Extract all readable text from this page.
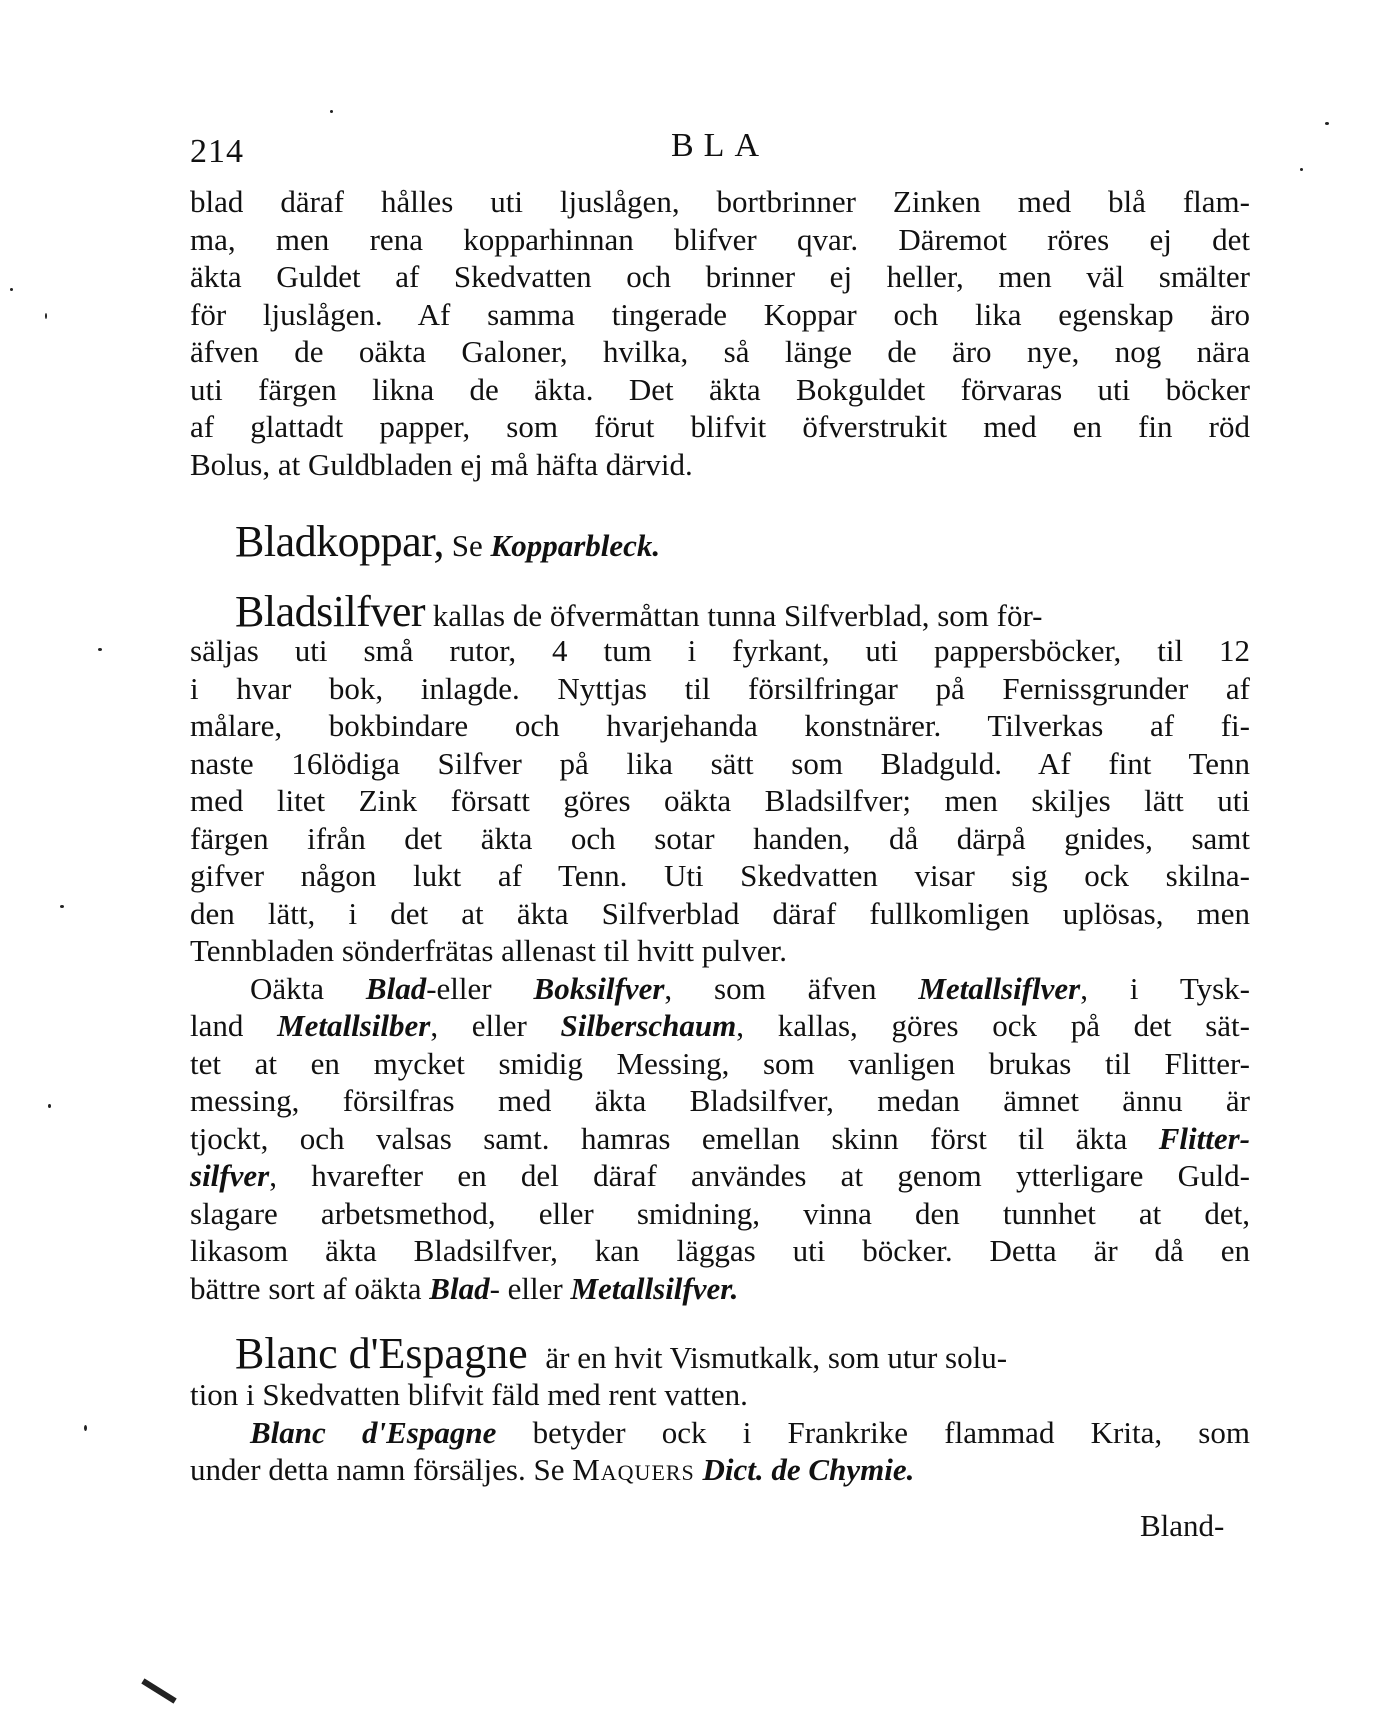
214	BLA
blad däraf hålles uti ljuslågen, bortbrinner Zinken med blå flam-
ma, men rena kopparhinnan blifver qvar. Däremot röres ej det
äkta Guldet af Skedvatten och brinner ej heller, men väl smälter
för ljuslågen. Af samma tingerade Koppar och lika egenskap äro
äfven de oäkta Galoner, hvilka, så länge de äro nye, nog nära
uti färgen likna de äkta. Det äkta Bokguldet förvaras uti böcker
af glattadt papper, som förut blifvit öfverstrukit med en fin röd
Bolus, at Guldbladen ej må häfta därvid.
Bladkoppar, Se Kopparbleck.
Bladsilfver kallas de öfvermåttan tunna Silfverblad, som för-
säljas uti små rutor, 4 tum i fyrkant, uti pappersböcker, til 12
i hvar bok, inlagde. Nyttjas til försilfringar på Fernissgrunder af
målare, bokbindare och hvarjehanda konstnärer. Tilverkas af fi-
naste 16lödiga Silfver på lika sätt som Bladguld. Af fint Tenn
med litet Zink försatt göres oäkta Bladsilfver; men skiljes lätt uti
färgen ifrån det äkta och sotar handen, då därpå gnides, samt
gifver någon lukt af Tenn. Uti Skedvatten visar sig ock skilna-
den lätt, i det at äkta Silfverblad däraf fullkomligen uplösas, men
Tennbladen sönderfrätas allenast til hvitt pulver.
Oäkta Blad-eller Boksilfver, som äfven Metallsiflver, i Tysk-
land Metallsilber, eller Silberschaum, kallas, göres ock på det sät-
tet at en mycket smidig Messing, som vanligen brukas til Flitter-
messing, försilfras med äkta Bladsilfver, medan ämnet ännu är
tjockt, och valsas samt. hamras emellan skinn först til äkta Flitter-
silfver, hvarefter en del däraf användes at genom ytterligare Guld-
slagare arbetsmethod, eller smidning, vinna den tunnhet at det,
likasom äkta Bladsilfver, kan läggas uti böcker. Detta är då en
bättre sort af oäkta Blad- eller Metallsilfver.
Blanc d'Espagne är en hvit Vismutkalk, som utur solu-
tion i Skedvatten blifvit fäld med rent vatten.
Blanc d'Espagne betyder ock i Frankrike flammad Krita, som
under detta namn försäljes. Se Maquers Dict. de Chymie.
Bland-
